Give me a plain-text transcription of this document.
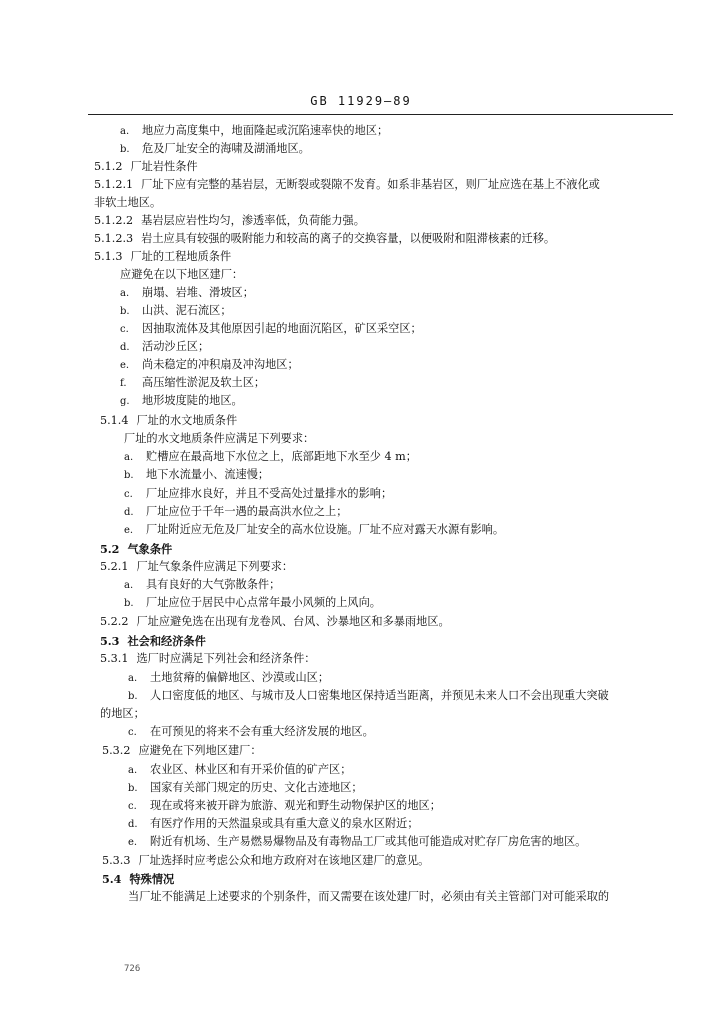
GB 11929—89
a. 地应力高度集中，地面隆起或沉陷速率快的地区；
b. 危及厂址安全的海啸及湖涌地区。
5.1.2 厂址岩性条件
5.1.2.1 厂址下应有完整的基岩层，无断裂或裂隙不发育。如系非基岩区，则厂址应选在基上不液化或
非软土地区。
5.1.2.2 基岩层应岩性均匀，渗透率低，负荷能力强。
5.1.2.3 岩土应具有较强的吸附能力和较高的离子的交换容量，以便吸附和阻滞核素的迁移。
5.1.3 厂址的工程地质条件
应避免在以下地区建厂：
a. 崩塌、岩堆、滑坡区；
b. 山洪、泥石流区；
c. 因抽取流体及其他原因引起的地面沉陷区，矿区采空区；
d. 活动沙丘区；
e. 尚未稳定的冲积扇及冲沟地区；
f. 高压缩性淤泥及软土区；
g. 地形坡度陡的地区。
5.1.4 厂址的水文地质条件
厂址的水文地质条件应满足下列要求：
a. 贮槽应在最高地下水位之上，底部距地下水至少 4 m；
b. 地下水流量小、流速慢；
c. 厂址应排水良好，并且不受高处过量排水的影响；
d. 厂址应位于千年一遇的最高洪水位之上；
e. 厂址附近应无危及厂址安全的高水位设施。厂址不应对露天水源有影响。
5.2 气象条件
5.2.1 厂址气象条件应满足下列要求：
a. 具有良好的大气弥散条件；
b. 厂址应位于居民中心点常年最小风频的上风向。
5.2.2 厂址应避免选在出现有龙卷风、台风、沙暴地区和多暴雨地区。
5.3 社会和经济条件
5.3.1 选厂时应满足下列社会和经济条件：
a. 土地贫瘠的偏僻地区、沙漠或山区；
b. 人口密度低的地区、与城市及人口密集地区保持适当距离，并预见未来人口不会出现重大突破
的地区；
c. 在可预见的将来不会有重大经济发展的地区。
5.3.2 应避免在下列地区建厂：
a. 农业区、林业区和有开采价值的矿产区；
b. 国家有关部门规定的历史、文化古迹地区；
c. 现在或将来被开辟为旅游、观光和野生动物保护区的地区；
d. 有医疗作用的天然温泉或具有重大意义的泉水区附近；
e. 附近有机场、生产易燃易爆物品及有毒物品工厂或其他可能造成对贮存厂房危害的地区。
5.3.3 厂址选择时应考虑公众和地方政府对在该地区建厂的意见。
5.4 特殊情况
当厂址不能满足上述要求的个别条件，而又需要在该处建厂时，必须由有关主管部门对可能采取的
726
